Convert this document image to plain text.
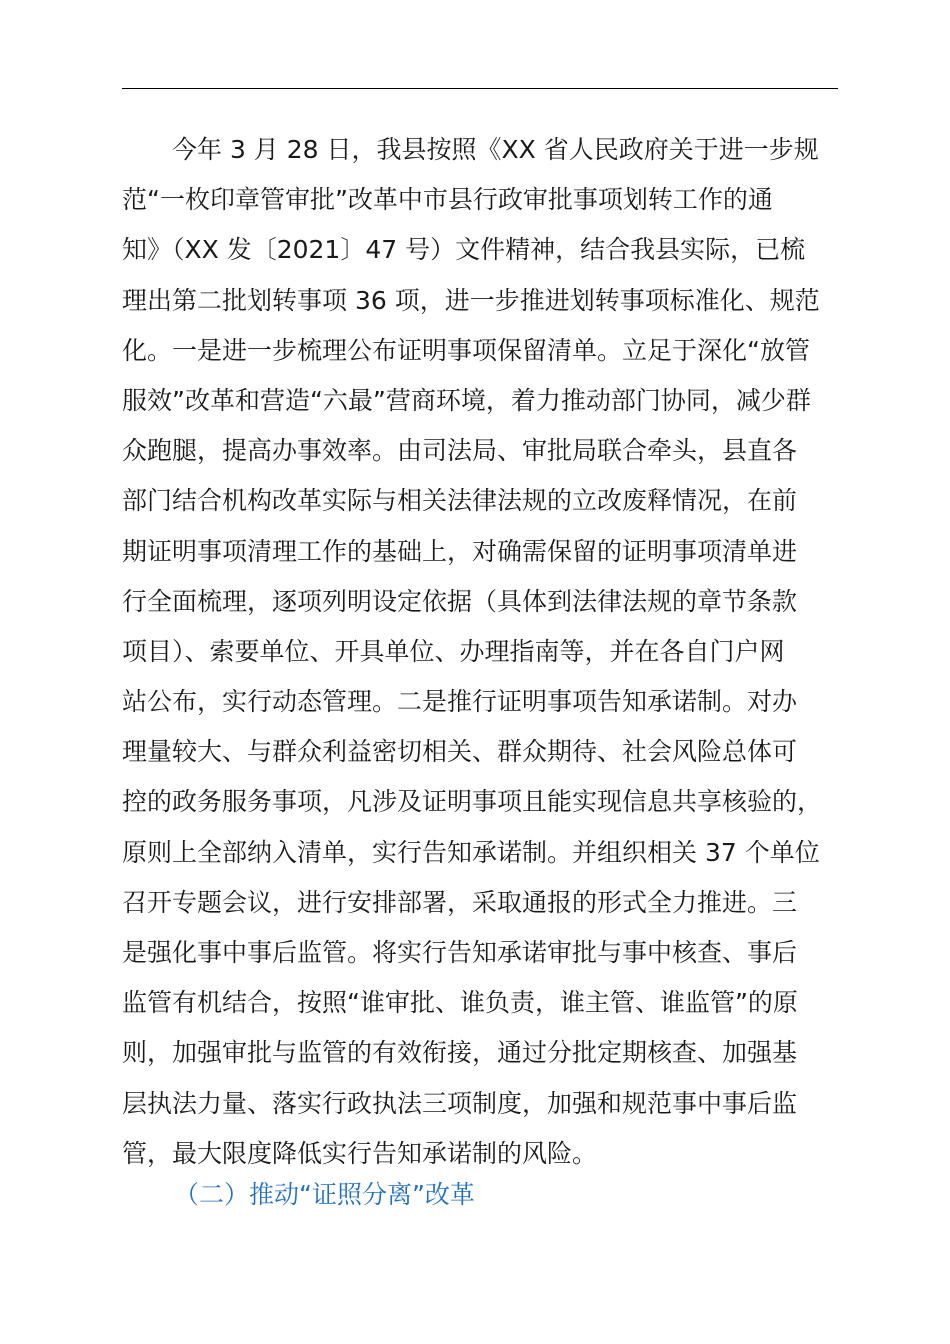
今年 3 月 28 日，我县按照《XX 省人民政府关于进一步规
范“一枚印章管审批”改革中市县行政审批事项划转工作的通
知》（XX 发〔2021〕47 号）文件精神，结合我县实际，已梳
理出第二批划转事项 36 项，进一步推进划转事项标准化、规范
化。一是进一步梳理公布证明事项保留清单。立足于深化“放管
服效”改革和营造“六最”营商环境，着力推动部门协同，减少群
众跑腿，提高办事效率。由司法局、审批局联合牵头，县直各
部门结合机构改革实际与相关法律法规的立改废释情况，在前
期证明事项清理工作的基础上，对确需保留的证明事项清单进
行全面梳理，逐项列明设定依据（具体到法律法规的章节条款
项目）、索要单位、开具单位、办理指南等，并在各自门户网
站公布，实行动态管理。二是推行证明事项告知承诺制。对办
理量较大、与群众利益密切相关、群众期待、社会风险总体可
控的政务服务事项，凡涉及证明事项且能实现信息共享核验的，
原则上全部纳入清单，实行告知承诺制。并组织相关 37 个单位
召开专题会议，进行安排部署，采取通报的形式全力推进。三
是强化事中事后监管。将实行告知承诺审批与事中核查、事后
监管有机结合，按照“谁审批、谁负责，谁主管、谁监管”的原
则，加强审批与监管的有效衔接，通过分批定期核查、加强基
层执法力量、落实行政执法三项制度，加强和规范事中事后监
管，最大限度降低实行告知承诺制的风险。
（二）推动“证照分离”改革
